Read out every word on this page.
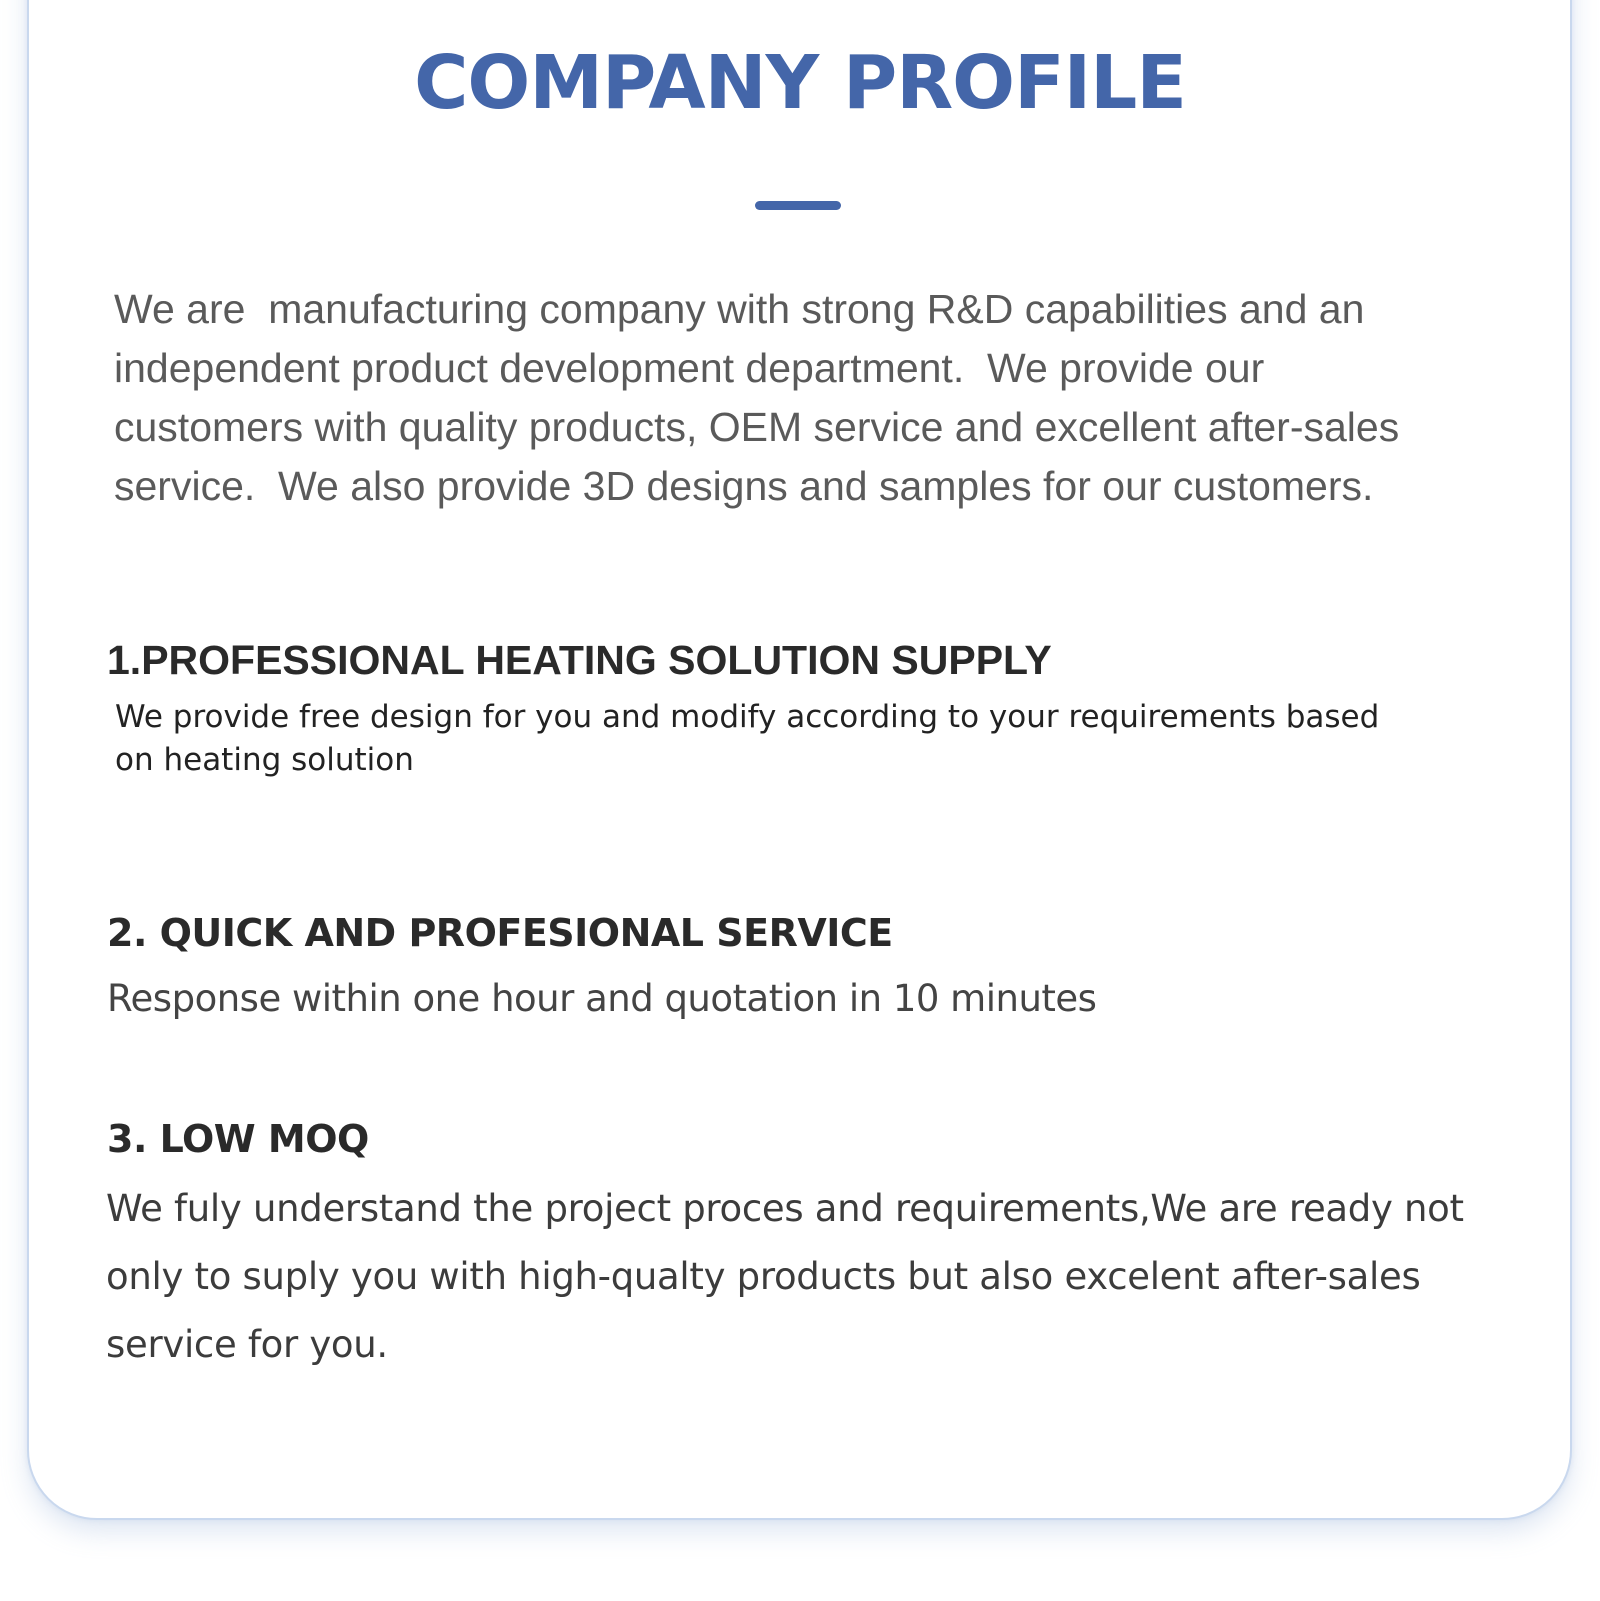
COMPANY PROFILE

We are  manufacturing company with strong R&D capabilities and an
independent product development department.  We provide our
customers with quality products, OEM service and excellent after-sales
service.  We also provide 3D designs and samples for our customers.

1.PROFESSIONAL HEATING SOLUTION SUPPLY

We provide free design for you and modify according to your requirements based on heating solution

2. QUICK AND PROFESIONAL SERVICE

Response within one hour and quotation in 10 minutes

3. LOW MOQ

We fuly understand the project proces and requirements,We are ready not only to suply you with high-qualty products but also excelent after-sales service for you.
